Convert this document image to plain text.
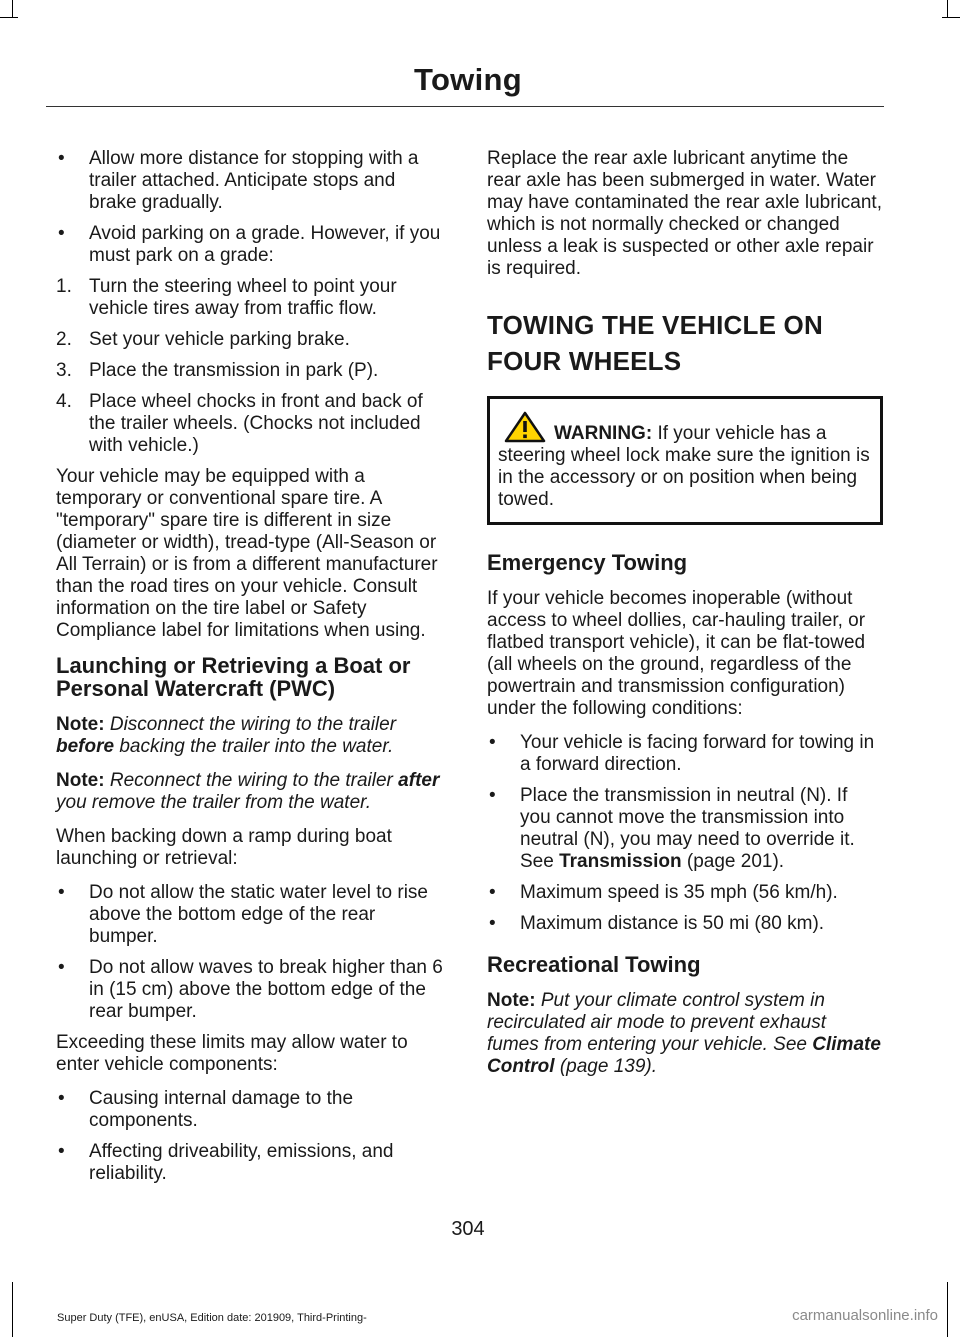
Towing
• Allow more distance for stopping with a trailer attached. Anticipate stops and brake gradually.
• Avoid parking on a grade. However, if you must park on a grade:
1. Turn the steering wheel to point your vehicle tires away from traffic flow.
2. Set your vehicle parking brake.
3. Place the transmission in park (P).
4. Place wheel chocks in front and back of the trailer wheels. (Chocks not included with vehicle.)

Your vehicle may be equipped with a temporary or conventional spare tire. A "temporary" spare tire is different in size (diameter or width), tread-type (All-Season or All Terrain) or is from a different manufacturer than the road tires on your vehicle. Consult information on the tire label or Safety Compliance label for limitations when using.

Launching or Retrieving a Boat or Personal Watercraft (PWC)

Note: Disconnect the wiring to the trailer before backing the trailer into the water.

Note: Reconnect the wiring to the trailer after you remove the trailer from the water.

When backing down a ramp during boat launching or retrieval:

• Do not allow the static water level to rise above the bottom edge of the rear bumper.
• Do not allow waves to break higher than 6 in (15 cm) above the bottom edge of the rear bumper.

Exceeding these limits may allow water to enter vehicle components:

• Causing internal damage to the components.
• Affecting driveability, emissions, and reliability.

Replace the rear axle lubricant anytime the rear axle has been submerged in water. Water may have contaminated the rear axle lubricant, which is not normally checked or changed unless a leak is suspected or other axle repair is required.

TOWING THE VEHICLE ON
FOUR WHEELS
WARNING: If your vehicle has a steering wheel lock make sure the ignition is in the accessory or on position when being towed.
Emergency Towing

If your vehicle becomes inoperable (without access to wheel dollies, car-hauling trailer, or flatbed transport vehicle), it can be flat-towed (all wheels on the ground, regardless of the powertrain and transmission configuration) under the following conditions:

• Your vehicle is facing forward for towing in a forward direction.
• Place the transmission in neutral (N). If you cannot move the transmission into neutral (N), you may need to override it. See Transmission (page 201).
• Maximum speed is 35 mph (56 km/h).
• Maximum distance is 50 mi (80 km).
Recreational Towing

Note: Put your climate control system in recirculated air mode to prevent exhaust fumes from entering your vehicle. See Climate Control (page 139).

304
Super Duty (TFE), enUSA, Edition date: 201909, Third-Printing-	carmanualsonline.info
